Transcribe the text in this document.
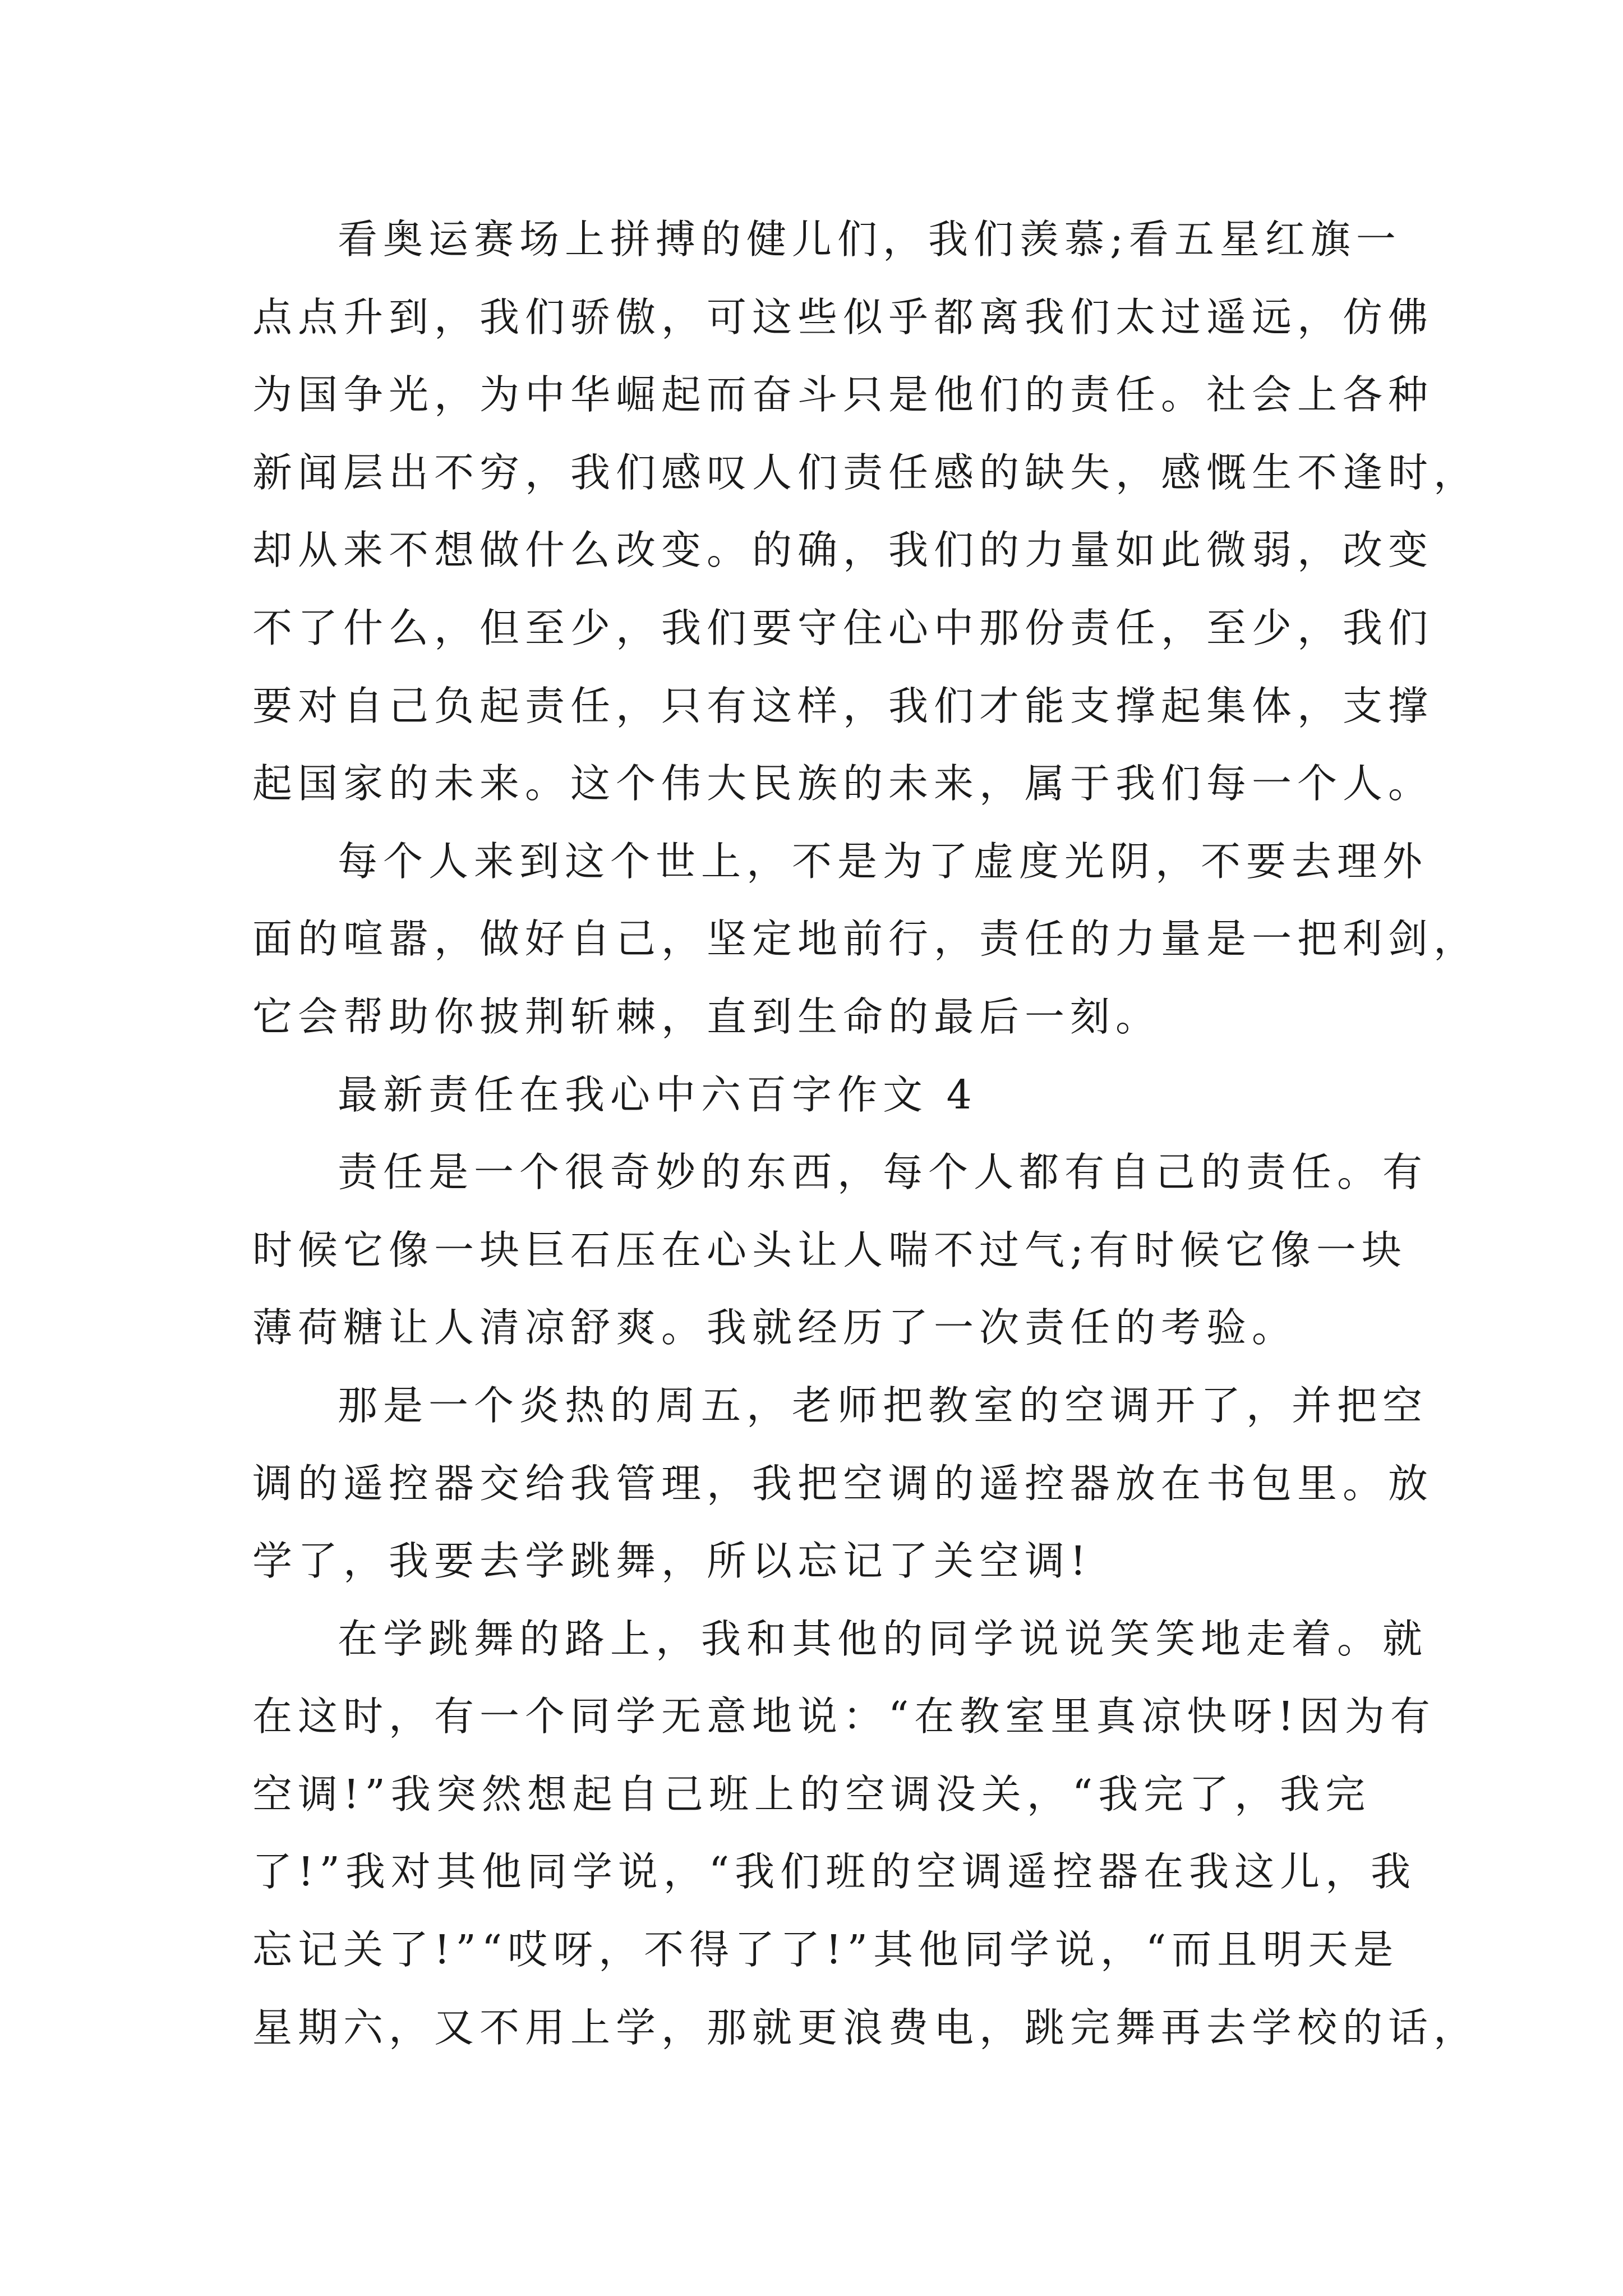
看奥运赛场上拼搏的健儿们，我们羡慕;看五星红旗一
点点升到，我们骄傲，可这些似乎都离我们太过遥远，仿佛
为国争光，为中华崛起而奋斗只是他们的责任。社会上各种
新闻层出不穷，我们感叹人们责任感的缺失，感慨生不逢时，
却从来不想做什么改变。的确，我们的力量如此微弱，改变
不了什么，但至少，我们要守住心中那份责任，至少，我们
要对自己负起责任，只有这样，我们才能支撑起集体，支撑
起国家的未来。这个伟大民族的未来，属于我们每一个人。
每个人来到这个世上，不是为了虚度光阴，不要去理外
面的喧嚣，做好自己，坚定地前行，责任的力量是一把利剑，
它会帮助你披荆斩棘，直到生命的最后一刻。
最新责任在我心中六百字作文 4
责任是一个很奇妙的东西，每个人都有自己的责任。有
时候它像一块巨石压在心头让人喘不过气;有时候它像一块
薄荷糖让人清凉舒爽。我就经历了一次责任的考验。
那是一个炎热的周五，老师把教室的空调开了，并把空
调的遥控器交给我管理，我把空调的遥控器放在书包里。放
学了，我要去学跳舞，所以忘记了关空调!
在学跳舞的路上，我和其他的同学说说笑笑地走着。就
在这时，有一个同学无意地说：“在教室里真凉快呀!因为有
空调!”我突然想起自己班上的空调没关，“我完了，我完
了!”我对其他同学说，“我们班的空调遥控器在我这儿，我
忘记关了!”“哎呀，不得了了!”其他同学说，“而且明天是
星期六，又不用上学，那就更浪费电，跳完舞再去学校的话，
